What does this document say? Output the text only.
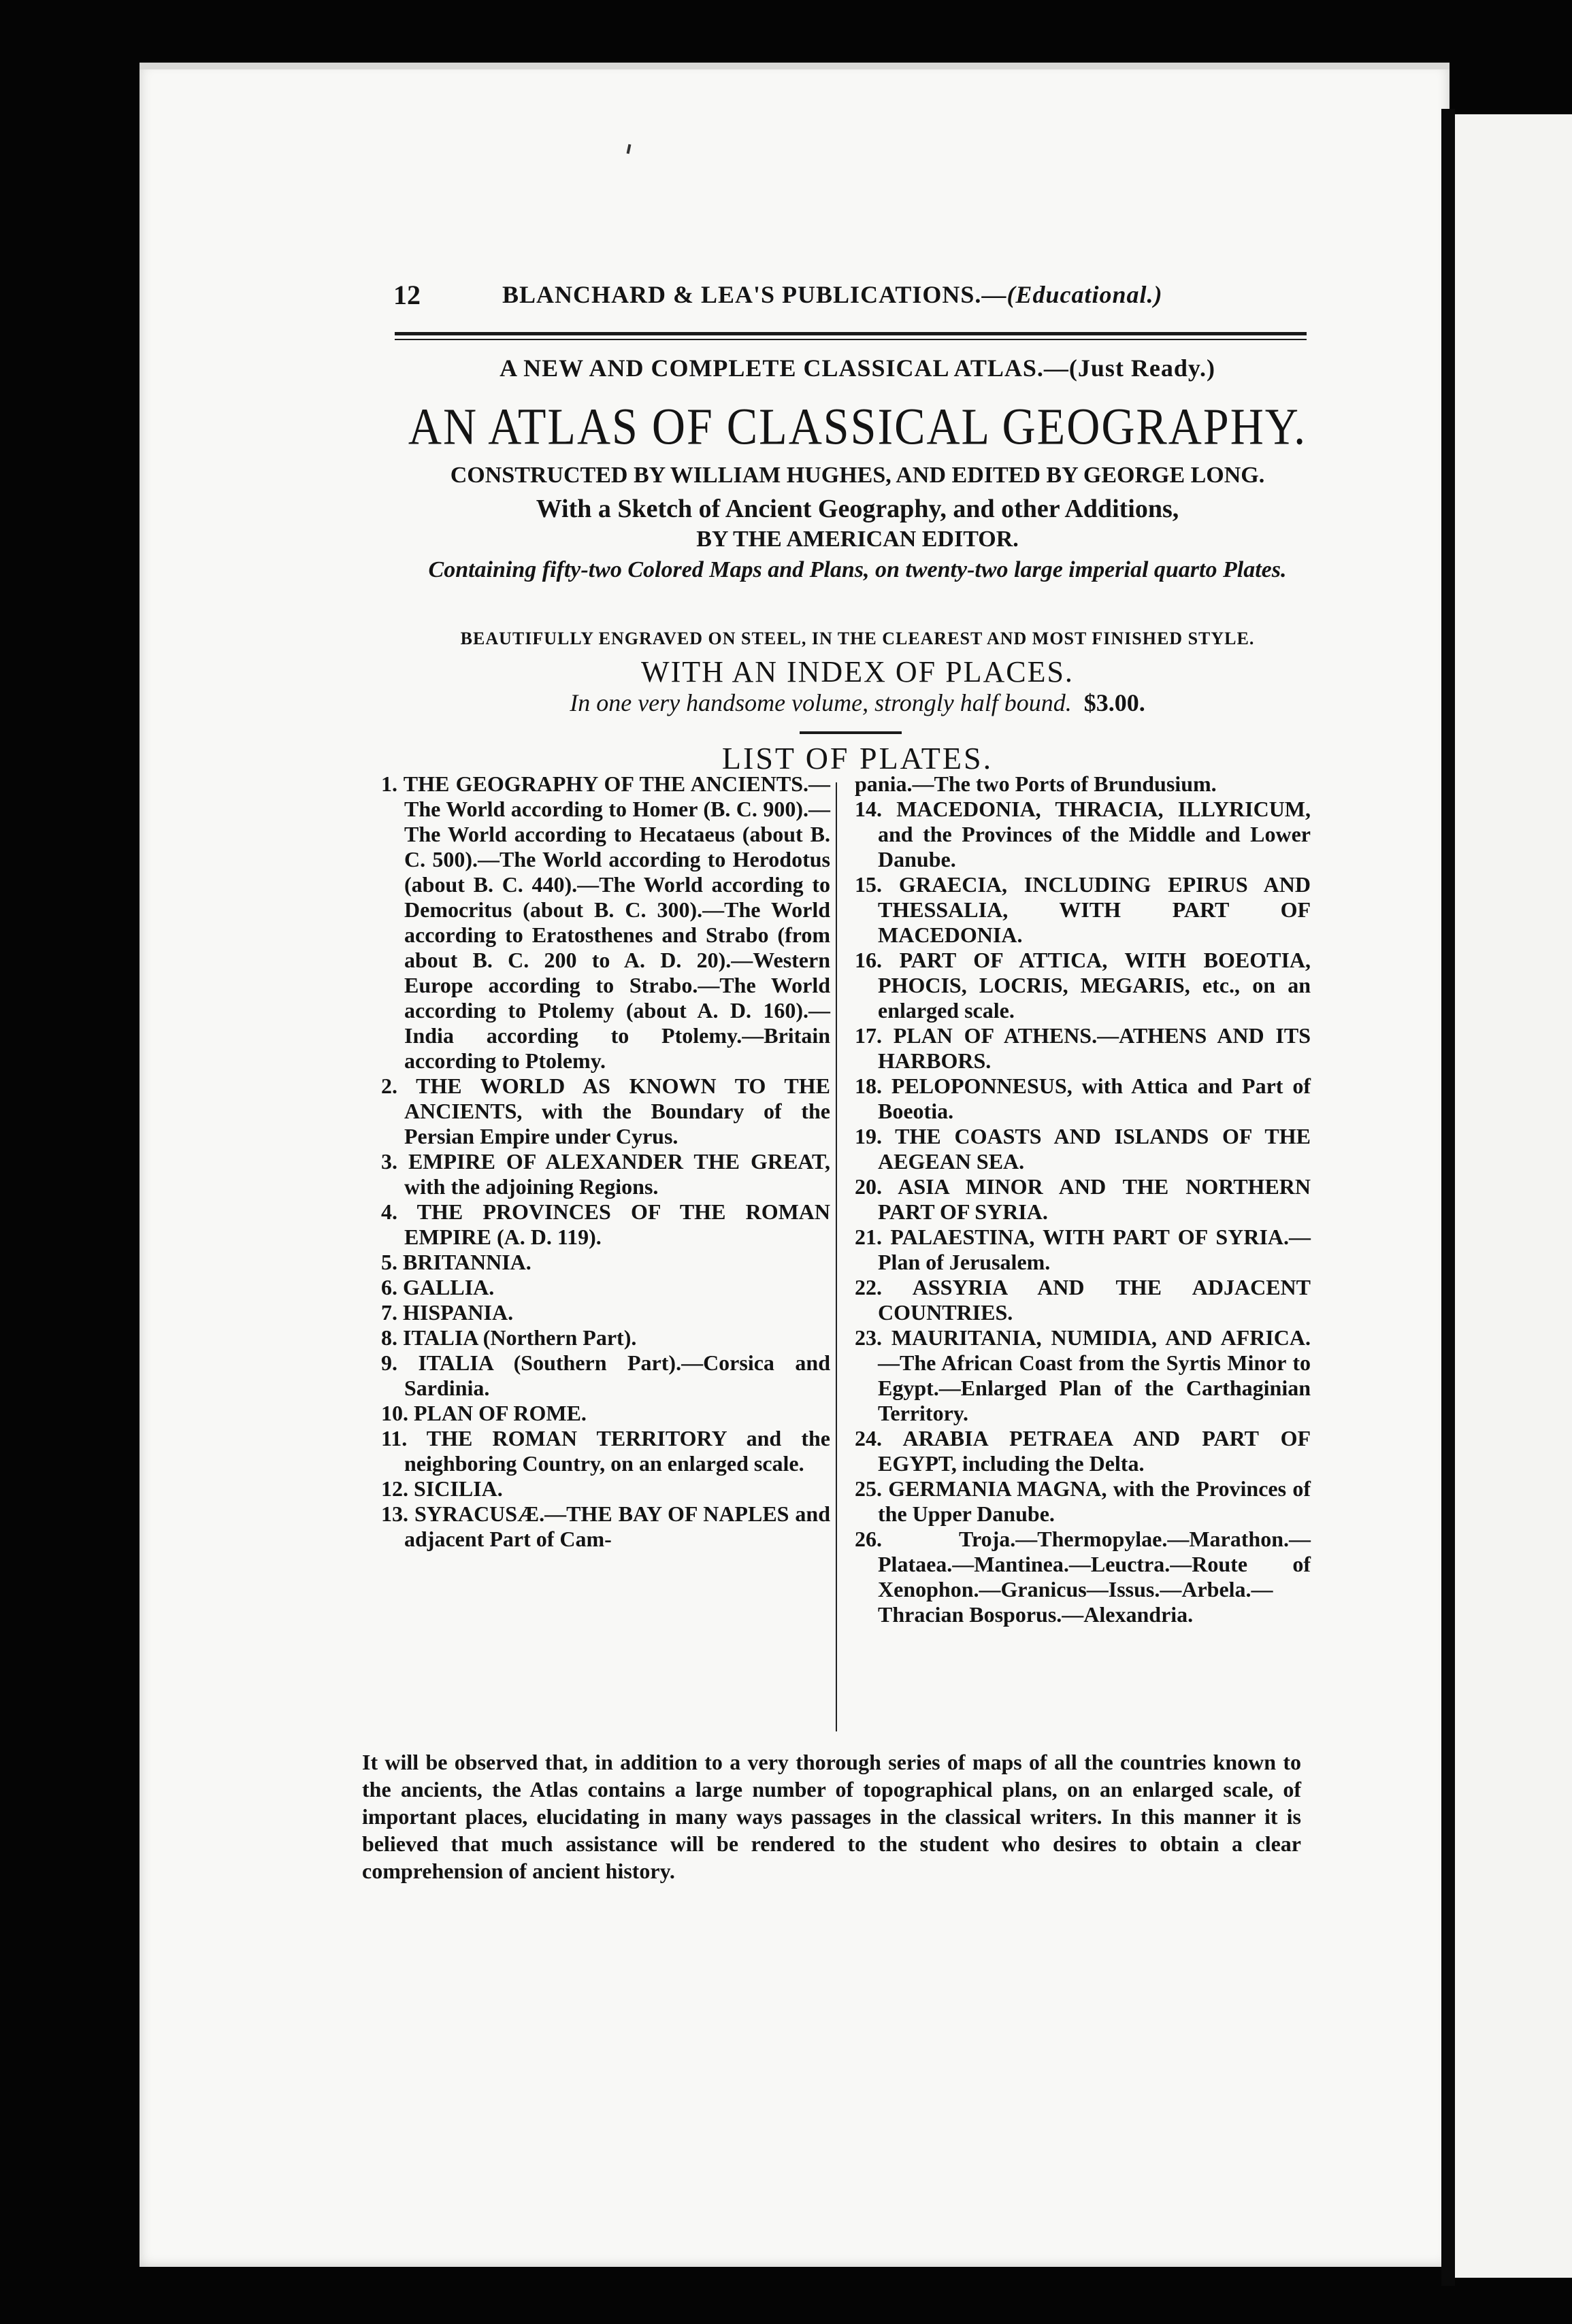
12	BLANCHARD & LEA'S PUBLICATIONS.—(Educational.)
A NEW AND COMPLETE CLASSICAL ATLAS.—(Just Ready.)
AN ATLAS OF CLASSICAL GEOGRAPHY.
CONSTRUCTED BY WILLIAM HUGHES, AND EDITED BY GEORGE LONG.
With a Sketch of Ancient Geography, and other Additions,
BY THE AMERICAN EDITOR.
Containing fifty-two Colored Maps and Plans, on twenty-two large imperial quarto Plates.
BEAUTIFULLY ENGRAVED ON STEEL, IN THE CLEAREST AND MOST FINISHED STYLE.
WITH AN INDEX OF PLACES.
In one very handsome volume, strongly half bound. $3.00.
LIST OF PLATES.
1. THE GEOGRAPHY OF THE ANCIENTS.—The World according to Homer (B. C. 900).—The World according to Hecataeus (about B. C. 500).—The World according to Herodotus (about B. C. 440).—The World according to Democritus (about B. C. 300).—The World according to Eratosthenes and Strabo (from about B. C. 200 to A. D. 20).—Western Europe according to Strabo.—The World according to Ptolemy (about A. D. 160).—India according to Ptolemy.—Britain according to Ptolemy.
2. THE WORLD AS KNOWN TO THE ANCIENTS, with the Boundary of the Persian Empire under Cyrus.
3. EMPIRE OF ALEXANDER THE GREAT, with the adjoining Regions.
4. THE PROVINCES OF THE ROMAN EMPIRE (A. D. 119).
5. BRITANNIA.
6. GALLIA.
7. HISPANIA.
8. ITALIA (Northern Part).
9. ITALIA (Southern Part).—Corsica and Sardinia.
10. PLAN OF ROME.
11. THE ROMAN TERRITORY and the neighboring Country, on an enlarged scale.
12. SICILIA.
13. SYRACUSÆ.—THE BAY OF NAPLES and adjacent Part of Cam-
pania.—The two Ports of Brundusium.
14. MACEDONIA, THRACIA, ILLYRICUM, and the Provinces of the Middle and Lower Danube.
15. GRAECIA, INCLUDING EPIRUS AND THESSALIA, WITH PART OF MACEDONIA.
16. PART OF ATTICA, WITH BOEOTIA, PHOCIS, LOCRIS, MEGARIS, etc., on an enlarged scale.
17. PLAN OF ATHENS.—ATHENS AND ITS HARBORS.
18. PELOPONNESUS, with Attica and Part of Boeotia.
19. THE COASTS AND ISLANDS OF THE AEGEAN SEA.
20. ASIA MINOR AND THE NORTHERN PART OF SYRIA.
21. PALAESTINA, WITH PART OF SYRIA.—Plan of Jerusalem.
22. ASSYRIA AND THE ADJACENT COUNTRIES.
23. MAURITANIA, NUMIDIA, AND AFRICA.—The African Coast from the Syrtis Minor to Egypt.—Enlarged Plan of the Carthaginian Territory.
24. ARABIA PETRAEA AND PART OF EGYPT, including the Delta.
25. GERMANIA MAGNA, with the Provinces of the Upper Danube.
26. Troja.—Thermopylae.—Marathon.—Plataea.—Mantinea.—Leuctra.—Route of Xenophon.—Granicus—Issus.—Arbela.—Thracian Bosporus.—Alexandria.
It will be observed that, in addition to a very thorough series of maps of all the countries known to the ancients, the Atlas contains a large number of topographical plans, on an enlarged scale, of important places, elucidating in many ways passages in the classical writers. In this manner it is believed that much assistance will be rendered to the student who desires to obtain a clear comprehension of ancient history.
